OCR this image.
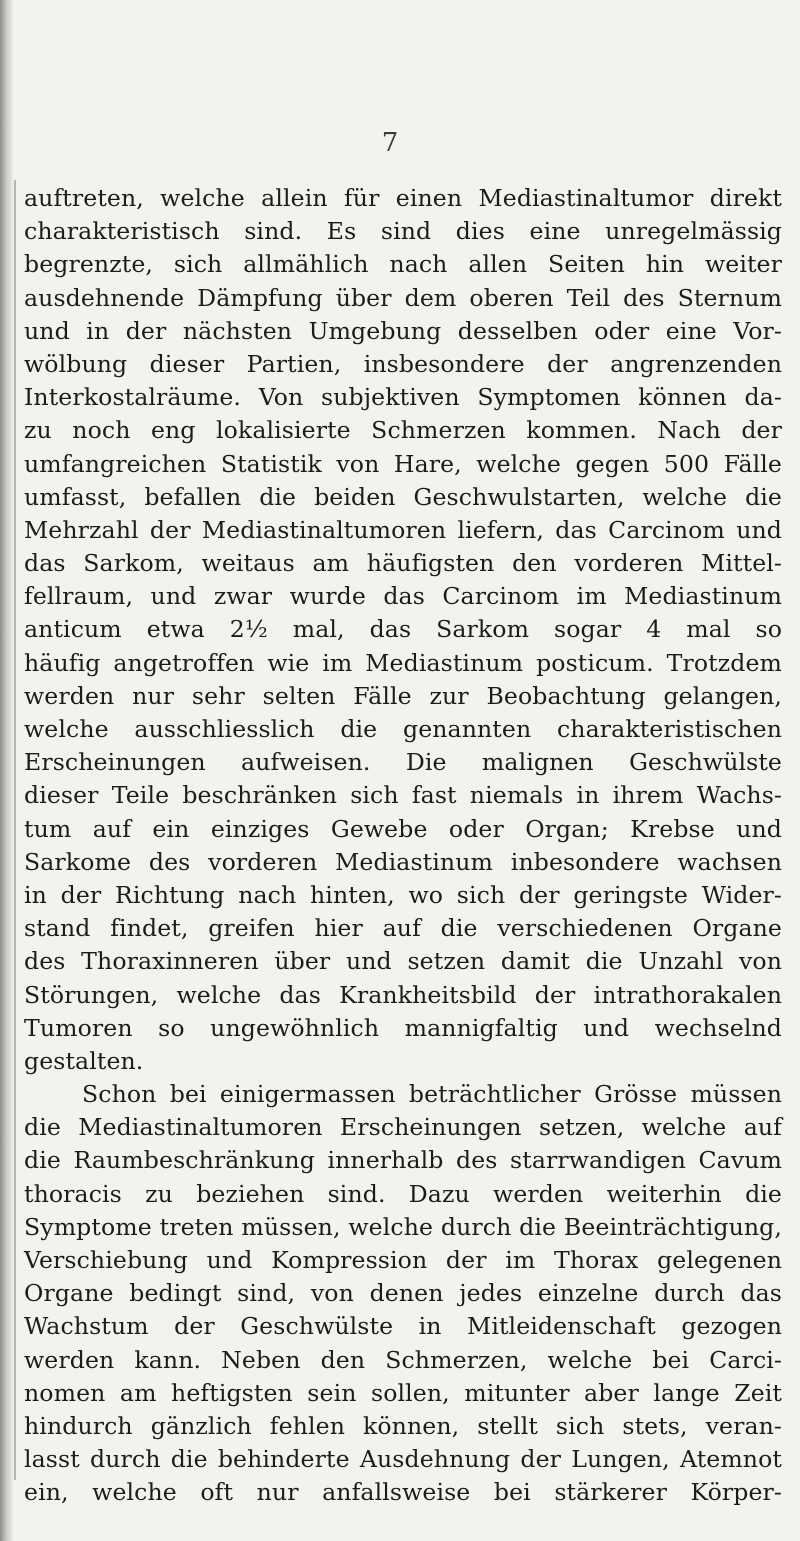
7
auftreten, welche allein für einen Mediastinaltumor direkt
charakteristisch sind. Es sind dies eine unregelmässig
begrenzte, sich allmählich nach allen Seiten hin weiter
ausdehnende Dämpfung über dem oberen Teil des Sternum
und in der nächsten Umgebung desselben oder eine Vor-
wölbung dieser Partien, insbesondere der angrenzenden
Interkostalräume. Von subjektiven Symptomen können da-
zu noch eng lokalisierte Schmerzen kommen. Nach der
umfangreichen Statistik von Hare, welche gegen 500 Fälle
umfasst, befallen die beiden Geschwulstarten, welche die
Mehrzahl der Mediastinaltumoren liefern, das Carcinom und
das Sarkom, weitaus am häufigsten den vorderen Mittel-
fellraum, und zwar wurde das Carcinom im Mediastinum
anticum etwa 2½ mal, das Sarkom sogar 4 mal so
häufig angetroffen wie im Mediastinum posticum. Trotzdem
werden nur sehr selten Fälle zur Beobachtung gelangen,
welche ausschliesslich die genannten charakteristischen
Erscheinungen aufweisen. Die malignen Geschwülste
dieser Teile beschränken sich fast niemals in ihrem Wachs-
tum auf ein einziges Gewebe oder Organ; Krebse und
Sarkome des vorderen Mediastinum inbesondere wachsen
in der Richtung nach hinten, wo sich der geringste Wider-
stand findet, greifen hier auf die verschiedenen Organe
des Thoraxinneren über und setzen damit die Unzahl von
Störungen, welche das Krankheitsbild der intrathorakalen
Tumoren so ungewöhnlich mannigfaltig und wechselnd
gestalten.
Schon bei einigermassen beträchtlicher Grösse müssen
die Mediastinaltumoren Erscheinungen setzen, welche auf
die Raumbeschränkung innerhalb des starrwandigen Cavum
thoracis zu beziehen sind. Dazu werden weiterhin die
Symptome treten müssen, welche durch die Beeinträchtigung,
Verschiebung und Kompression der im Thorax gelegenen
Organe bedingt sind, von denen jedes einzelne durch das
Wachstum der Geschwülste in Mitleidenschaft gezogen
werden kann. Neben den Schmerzen, welche bei Carci-
nomen am heftigsten sein sollen, mitunter aber lange Zeit
hindurch gänzlich fehlen können, stellt sich stets, veran-
lasst durch die behinderte Ausdehnung der Lungen, Atemnot
ein, welche oft nur anfallsweise bei stärkerer Körper-
